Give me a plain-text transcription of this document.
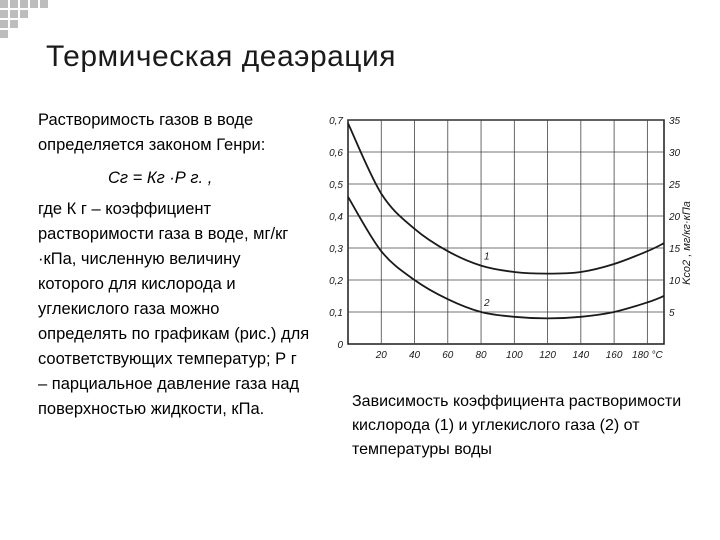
Термическая деаэрация

Растворимость газов в воде определяется законом Генри:

Сг = Кг ·Р г. ,

где К г – коэффициент растворимости газа в воде, мг/кг ·кПа, численную величину которого для кислорода и углекислого газа можно определять по графикам (рис.) для соответствующих температур; Р г – парциальное давление газа над поверхностью жидкости, кПа.

0
0,1
0,2
0,3
0,4
0,5
0,6
0,7
5
10
15
20
25
30
35
20 40 60 80 100 120 140 160 180 °C
1
2
Kco2 , мг/кг·кПа
Зависимость коэффициента растворимости кислорода (1) и углекислого газа (2) от температуры воды
